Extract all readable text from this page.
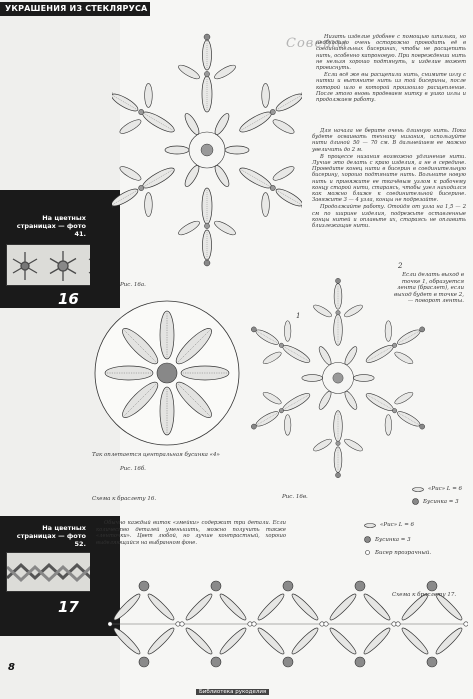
УКРАШЕНИЯ ИЗ СТЕКЛЯРУСА
На цветных страницах — фото 41.
16
На цветных страницах — фото 52.
17
Рис. 16а.
Так оплетается центральная бусинка «4»
Рис. 16б.
1
2
Если делать выход в точке 1, образуется лента (браслет), если выход будет в точке 2, — поворот ленты.
Рис. 16в.
Схема к браслету 16.
«Рис» L = 6
Бусинка = 3
Советы

Низать изделие удобнее с помощью шпильки, но необходимо очень осторожно проводить её в соединительных бисеринах, чтобы не расщепить нить, особенно капроновую. При повреждении нить не нельзя хорошо подтянуть, и изделие может провиснуть.

Если всё же вы расщепили нить, снимите иглу с нитки и вытяните нить из той бисерины, после которой шло в которой произошло расщепление. После этого вновь продеваем нитку в ушко иглы и продолжаем работу.

Для начала не берите очень длинную нить. Пока будете осваивать технику низания, используйте нити длиной 50 — 70 см. В дальнейшем ее можно увеличить до 2 м.

В процессе низания возможно удлинение нити. Лучше это делать с краю изделия, а не в середине. Проведите конец нити в бисерин в соединительную бисерину, хорошо подтяните нить. Вольните новую нить и привяжите ее ткачёвым узлом к рабочему концу старой нити, стараясь, чтобы узел находился как можно ближе к соединительной бисерине. Завяжите 3 — 4 узла, концы не подрезайте.

Продолжайте работу. Отойдя от узла на 1,5 — 2 см по ширине изделия, подрежьте оставленные концы нитей и оплавьте их, стараясь не оплавить близлежащие нити.

Обычно каждый виток «змейки» содержит три детали. Если количество деталей уменьшить, можно получить также «ленточки». Цвет любой, но лучше контрастный, хорошо выделяющийся на выбранном фоне.

«Рис» L = 6
Бусинка = 3
Бисер прозрачный.
Схема к браслету 17.
8
Библиотека рукоделия
